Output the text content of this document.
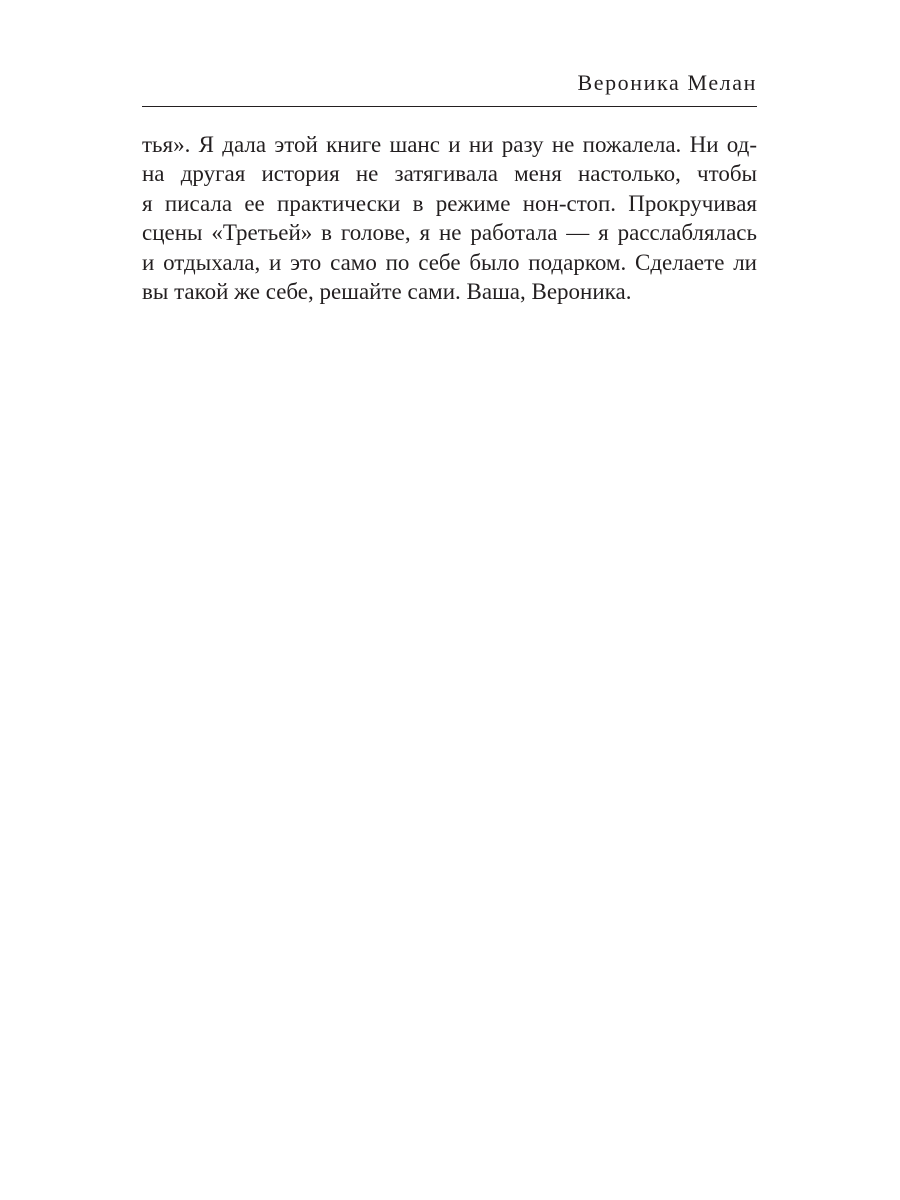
Вероника Мелан
тья». Я дала этой книге шанс и ни разу не пожалела. Ни од-
на другая история не затягивала меня настолько, чтобы
я писала ее практически в режиме нон-стоп. Прокручивая
сцены «Третьей» в голове, я не работала — я расслаблялась
и отдыхала, и это само по себе было подарком. Сделаете ли
вы такой же себе, решайте сами. Ваша, Вероника.
